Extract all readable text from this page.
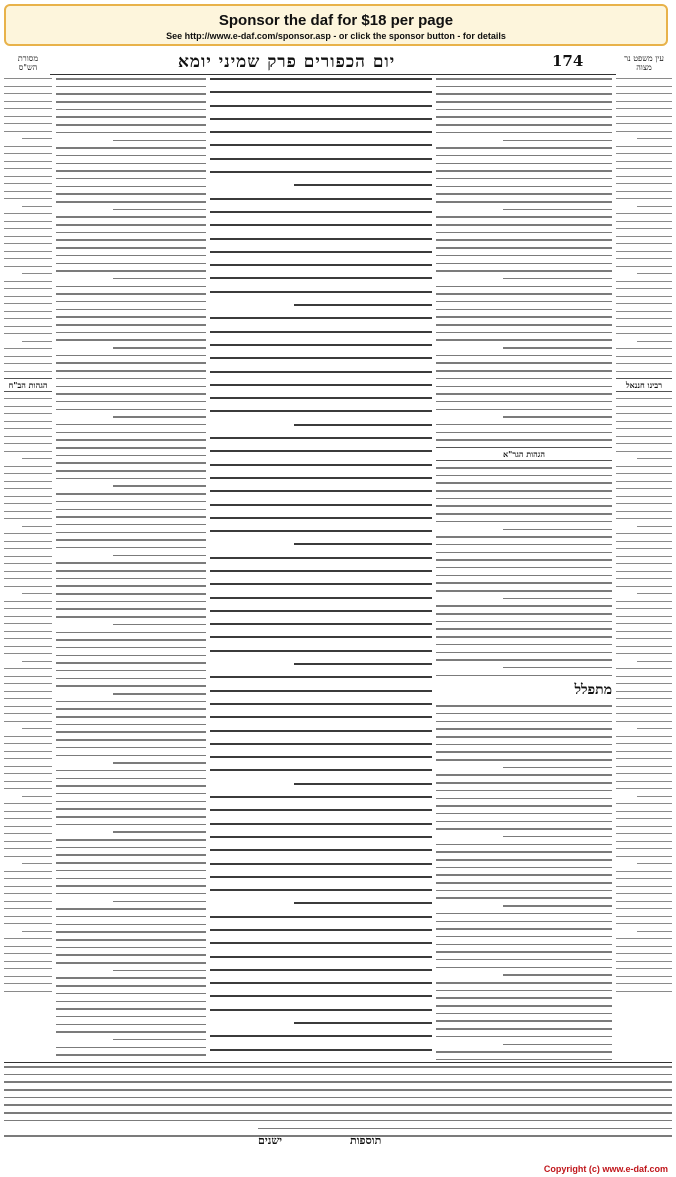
Sponsor the daf for $18 per page
See http://www.e-daf.com/sponsor.asp - or click the sponsor button - for details
מסורת הש"ס	יום הכפורים פרק שמיני יומא	174	עין משפט נר מצוה
הגהות הב"ח
הגהות הגר"א
מתפלל
רבינו חננאל
תוספות
ישנים
Copyright (c) www.e-daf.com
